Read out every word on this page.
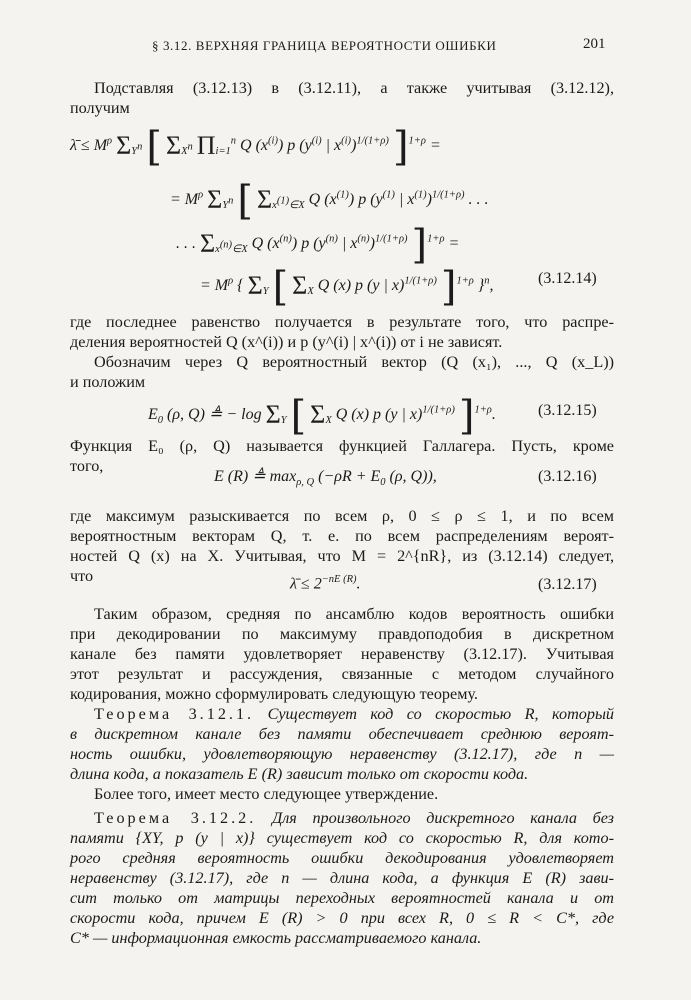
§ 3.12. ВЕРХНЯЯ ГРАНИЦА ВЕРОЯТНОСТИ ОШИБКИ	201
Подставляя (3.12.13) в (3.12.11), а также учитывая (3.12.12),
получим
λ̄ ≤ $M^\rho$ $\Sigma_{Y^n}$ [ $\Sigma_{X^n}$ $\Pi_{i=1}^n$ Q $(x^{(i)})$ p ($y^{(i)}$ | $x^{(i)})^{1/(1+\rho)}$ ]$^{1+\rho}$ =
= $M^\rho$ $\Sigma_{Y^n}$ [ $\Sigma_{x^{(1)}\in X}$ Q $(x^{(1)})$ p ($y^{(1)}$ | $x^{(1)})^{1/(1+\rho)}$ . . .
. . . $\Sigma_{x^{(n)}\in X}$ Q $(x^{(n)})$ p ($y^{(n)}$ | $x^{(n)})^{1/(1+\rho)}$ ]$^{1+\rho}$ =
= $M^\rho$ { $\Sigma_Y$ [ $\Sigma_X$ Q (x) p (y | x)$^{1/(1+\rho)}$ ]$^{1+\rho}$ }$^n$,	(3.12.14)
где последнее равенство получается в результате того, что распре-
деления вероятностей Q (x^(i)) и p (y^(i) | x^(i)) от i не зависят.
Обозначим через Q вероятностный вектор (Q (x₁), ..., Q (x_L))
и положим
$E_0$ (ρ, Q) ≜ − $\log \Sigma_Y$ [ $\Sigma_X$ Q (x) p (y | x)$^{1/(1+\rho)}$ ]$^{1+\rho}$.	(3.12.15)
Функция E₀ (ρ, Q) называется функцией Галлагера. Пусть, кроме
того,
E (R) ≜ $\max_{\rho, Q} (-\rho R + E_0$ (ρ, Q)),	(3.12.16)
где максимум разыскивается по всем ρ, 0 ≤ ρ ≤ 1, и по всем
вероятностным векторам Q, т. е. по всем распределениям вероят-
ностей Q (x) на X. Учитывая, что M = 2^{nR}, из (3.12.14) следует,
что	λ̄ ≤ $2^{-nE (R)}$.	(3.12.17)
Таким образом, средняя по ансамблю кодов вероятность ошибки
при декодировании по максимуму правдоподобия в дискретном
канале без памяти удовлетворяет неравенству (3.12.17). Учитывая
этот результат и рассуждения, связанные с методом случайного
кодирования, можно сформулировать следующую теорему.
Теорема 3.12.1. Существует код со скоростью R, который
в дискретном канале без памяти обеспечивает среднюю вероят-
ность ошибки, удовлетворяющую неравенству (3.12.17), где n —
длина кода, а показатель E (R) зависит только от скорости кода.
Более того, имеет место следующее утверждение.
Теорема 3.12.2. Для произвольного дискретного канала без
памяти {XY, p (y | x)} существует код со скоростью R, для кото-
рого средняя вероятность ошибки декодирования удовлетворяет
неравенству (3.12.17), где n — длина кода, а функция E (R) зави-
сит только от матрицы переходных вероятностей канала и от
скорости кода, причем E (R) > 0 при всех R, 0 ≤ R < C*, где
C* — информационная емкость рассматриваемого канала.
